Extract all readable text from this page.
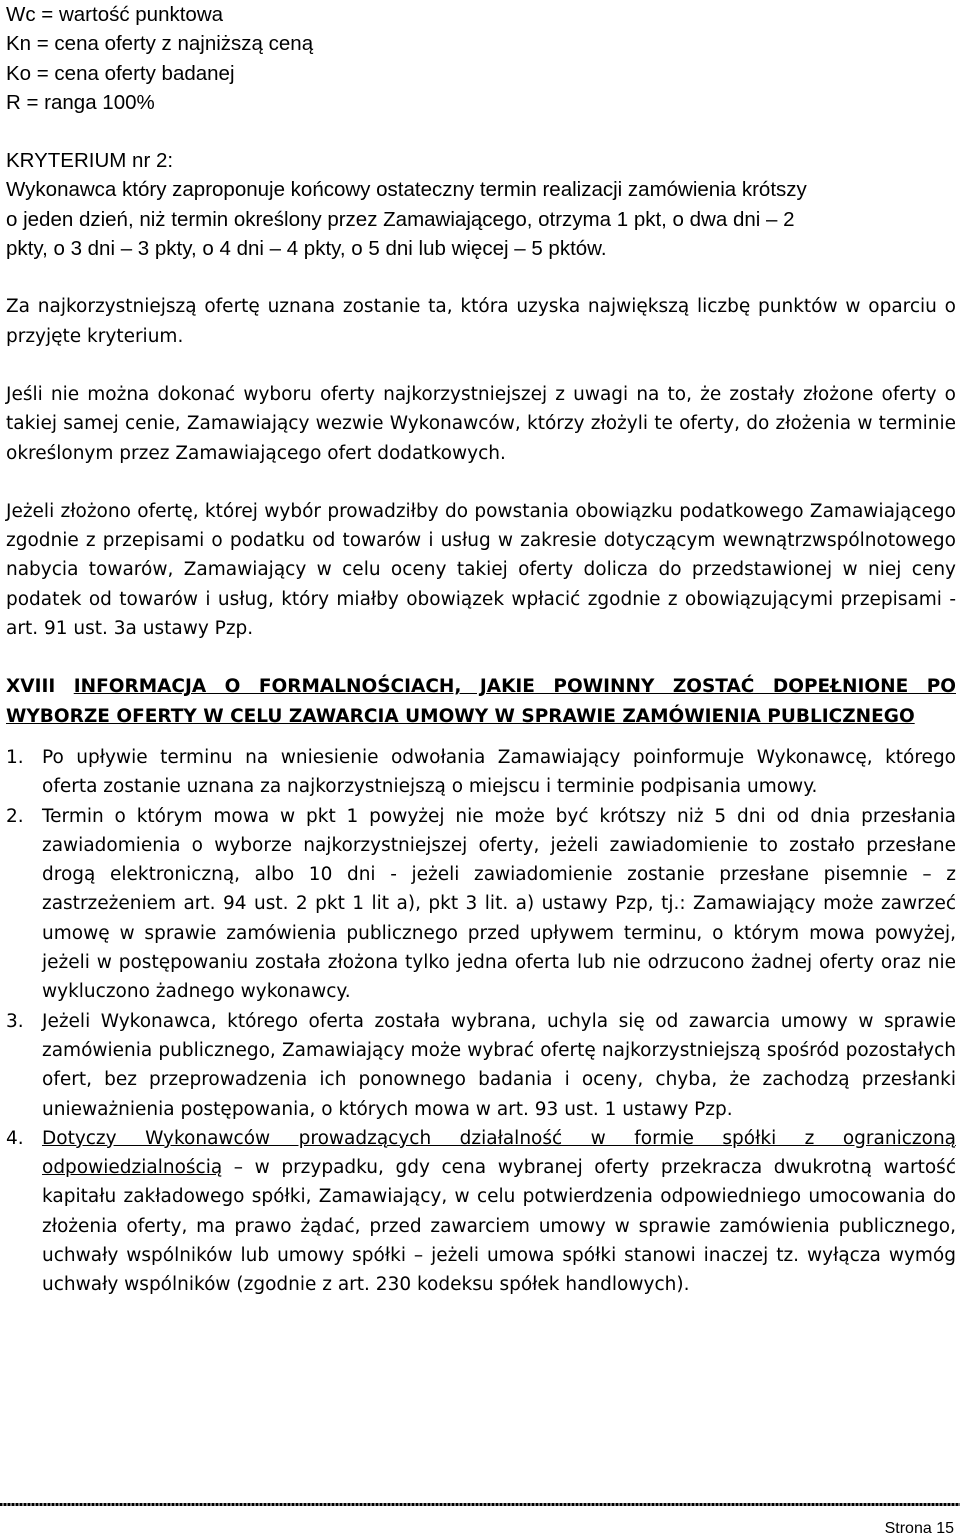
Wc = wartość punktowa

Kn = cena oferty z najniższą ceną

Ko = cena oferty badanej

R = ranga 100%

KRYTERIUM nr 2:

Wykonawca który zaproponuje końcowy ostateczny termin realizacji zamówienia krótszy

o jeden dzień, niż termin określony przez Zamawiającego, otrzyma 1 pkt, o dwa dni – 2

pkty, o 3 dni – 3 pkty, o 4 dni – 4 pkty, o 5 dni lub więcej – 5 pktów.

Za najkorzystniejszą ofertę uznana zostanie ta, która uzyska największą liczbę punktów w oparciu o przyjęte kryterium.

Jeśli nie można dokonać wyboru oferty najkorzystniejszej z uwagi na to, że zostały złożone oferty o takiej samej cenie, Zamawiający wezwie Wykonawców, którzy złożyli te oferty, do złożenia w terminie określonym przez Zamawiającego ofert dodatkowych.

Jeżeli złożono ofertę, której wybór prowadziłby do powstania obowiązku podatkowego Zamawiającego zgodnie z przepisami o podatku od towarów i usług w zakresie dotyczącym wewnątrzwspólnotowego nabycia towarów, Zamawiający w celu oceny takiej oferty dolicza do przedstawionej w niej ceny podatek od towarów i usług, który miałby obowiązek wpłacić zgodnie z obowiązującymi przepisami - art. 91 ust. 3a ustawy Pzp.

XVIII INFORMACJA O FORMALNOŚCIACH, JAKIE POWINNY ZOSTAĆ DOPEŁNIONE PO WYBORZE OFERTY W CELU ZAWARCIA UMOWY W SPRAWIE ZAMÓWIENIA PUBLICZNEGO

1. Po upływie terminu na wniesienie odwołania Zamawiający poinformuje Wykonawcę, którego oferta zostanie uznana za najkorzystniejszą o miejscu i terminie podpisania umowy.
2. Termin o którym mowa w pkt 1 powyżej nie może być krótszy niż 5 dni od dnia przesłania zawiadomienia o wyborze najkorzystniejszej oferty, jeżeli zawiadomienie to zostało przesłane drogą elektroniczną, albo 10 dni - jeżeli zawiadomienie zostanie przesłane pisemnie – z zastrzeżeniem art. 94 ust. 2 pkt 1 lit a), pkt 3 lit. a) ustawy Pzp, tj.: Zamawiający może zawrzeć umowę w sprawie zamówienia publicznego przed upływem terminu, o którym mowa powyżej, jeżeli w postępowaniu została złożona tylko jedna oferta lub nie odrzucono żadnej oferty oraz nie wykluczono żadnego wykonawcy.
3. Jeżeli Wykonawca, którego oferta została wybrana, uchyla się od zawarcia umowy w sprawie zamówienia publicznego, Zamawiający może wybrać ofertę najkorzystniejszą spośród pozostałych ofert, bez przeprowadzenia ich ponownego badania i oceny, chyba, że zachodzą przesłanki unieważnienia postępowania, o których mowa w art. 93 ust. 1 ustawy Pzp.
4. Dotyczy Wykonawców prowadzących działalność w formie spółki z ograniczoną odpowiedzialnością – w przypadku, gdy cena wybranej oferty przekracza dwukrotną wartość kapitału zakładowego spółki, Zamawiający, w celu potwierdzenia odpowiedniego umocowania do złożenia oferty, ma prawo żądać, przed zawarciem umowy w sprawie zamówienia publicznego, uchwały wspólników lub umowy spółki – jeżeli umowa spółki stanowi inaczej tz. wyłącza wymóg uchwały wspólników (zgodnie z art. 230 kodeksu spółek handlowych).
Strona 15
